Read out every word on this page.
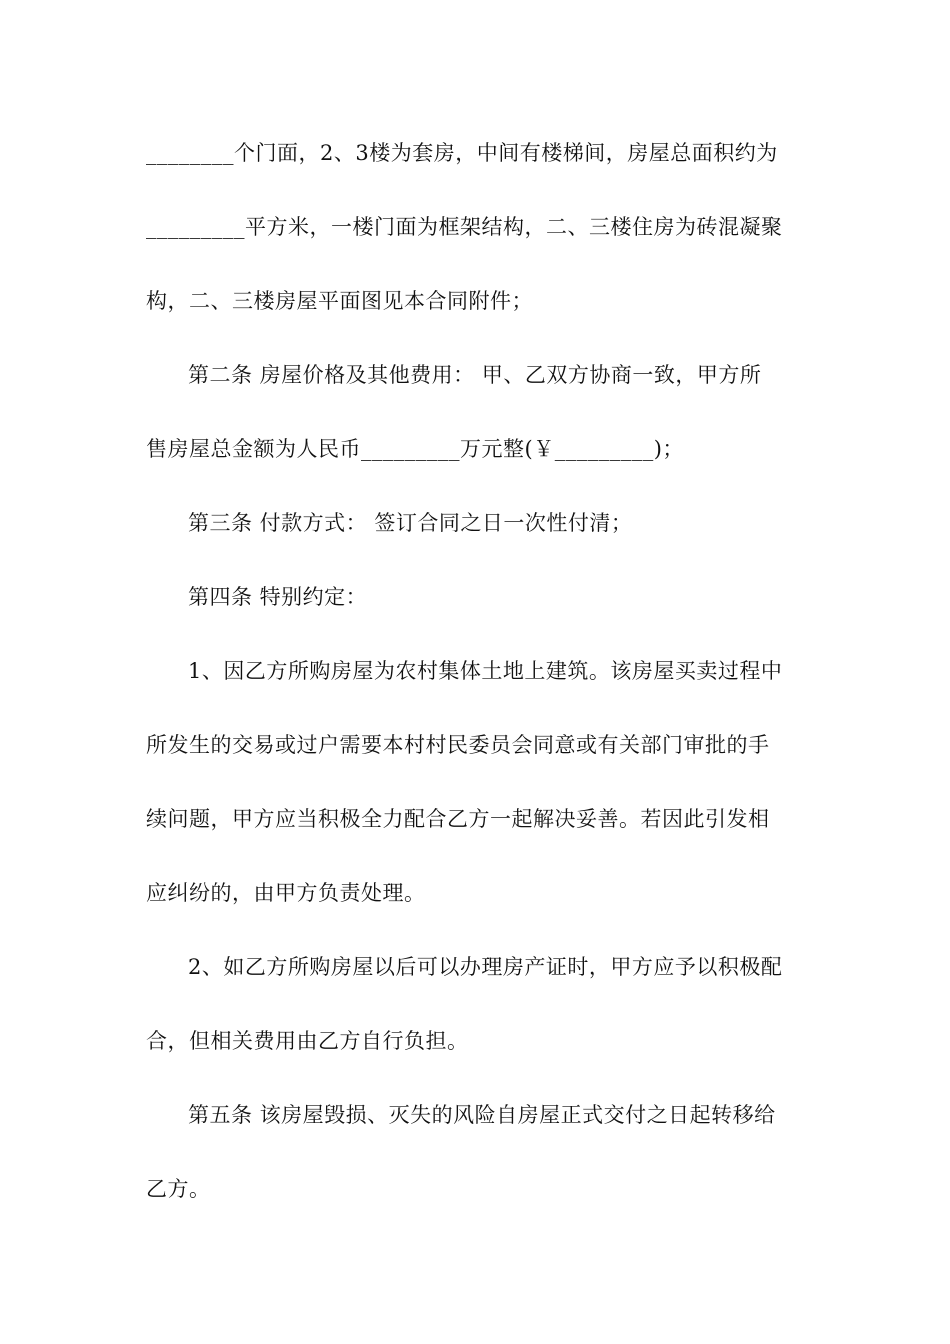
________个门面，2、3楼为套房，中间有楼梯间，房屋总面积约为
_________平方米，一楼门面为框架结构，二、三楼住房为砖混凝聚
构，二、三楼房屋平面图见本合同附件；
第二条 房屋价格及其他费用： 甲、乙双方协商一致，甲方所
售房屋总金额为人民币_________万元整(￥_________)；
第三条 付款方式： 签订合同之日一次性付清；
第四条 特别约定：
1、因乙方所购房屋为农村集体土地上建筑。该房屋买卖过程中
所发生的交易或过户需要本村村民委员会同意或有关部门审批的手
续问题，甲方应当积极全力配合乙方一起解决妥善。若因此引发相
应纠纷的，由甲方负责处理。
2、如乙方所购房屋以后可以办理房产证时，甲方应予以积极配
合，但相关费用由乙方自行负担。
第五条 该房屋毁损、灭失的风险自房屋正式交付之日起转移给
乙方。
